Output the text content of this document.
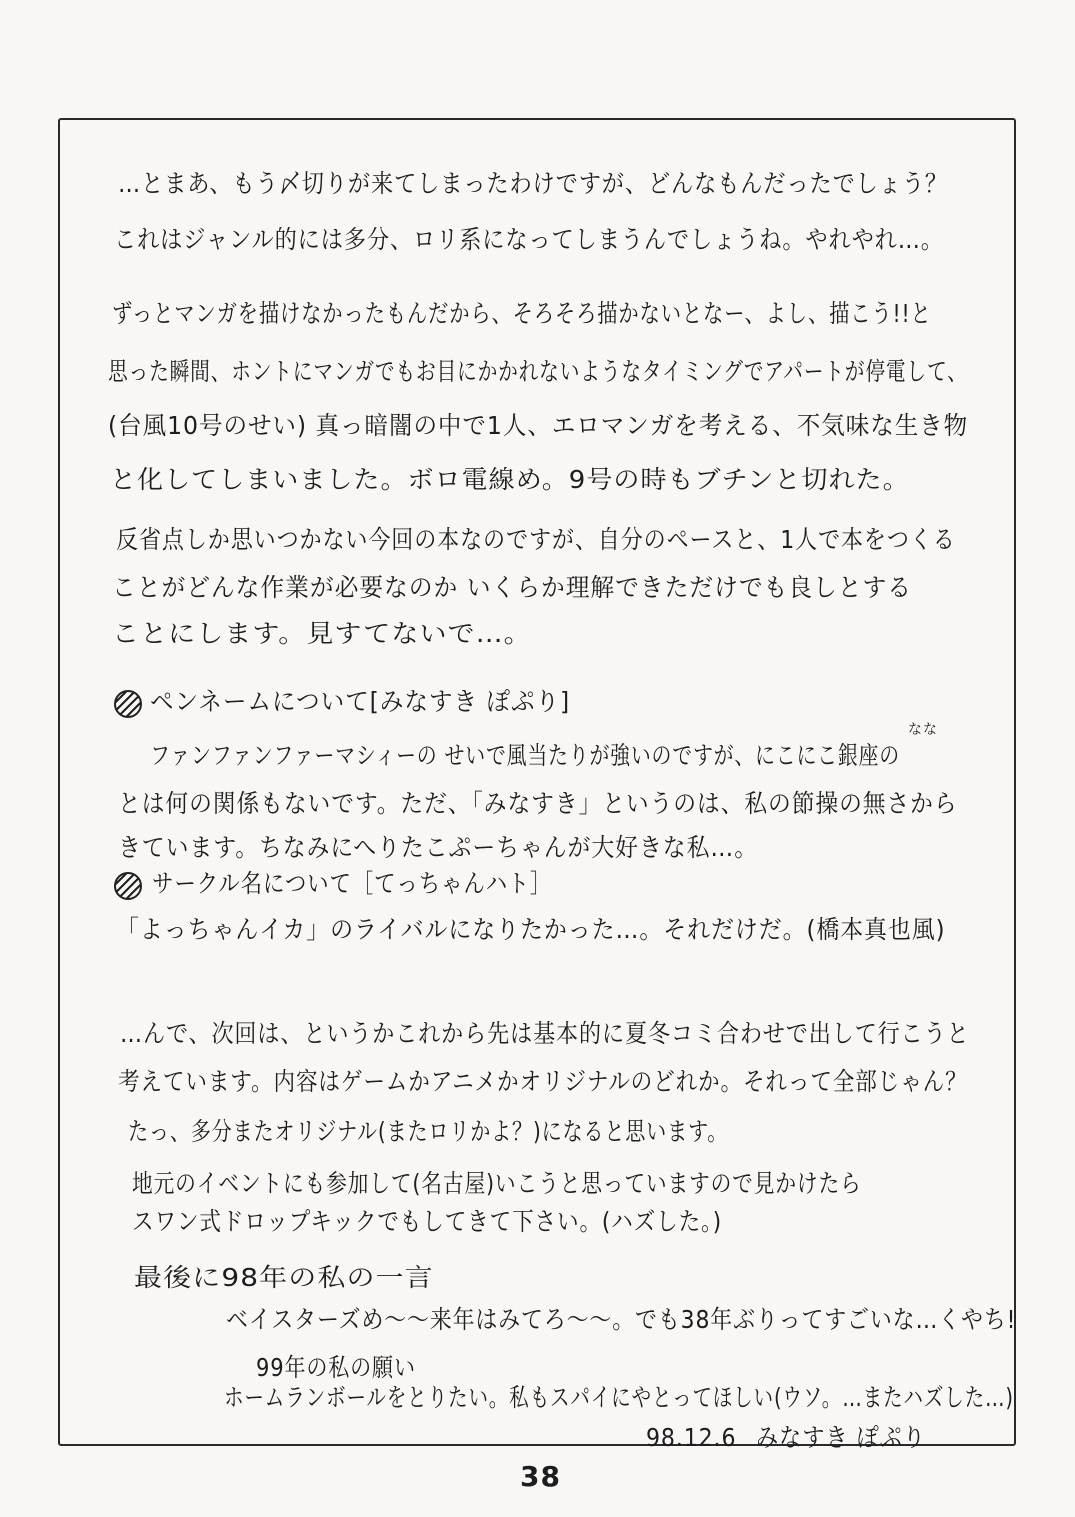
…とまあ、もう〆切りが来てしまったわけですが、どんなもんだったでしょう？
これはジャンル的には多分、ロリ系になってしまうんでしょうね。やれやれ…。
ずっとマンガを描けなかったもんだから、そろそろ描かないとなー、よし、描こう!!と
思った瞬間、ホントにマンガでもお目にかかれないようなタイミングでアパートが停電して、
(台風10号のせい) 真っ暗闇の中で1人、エロマンガを考える、不気味な生き物
と化してしまいました。ボロ電線め。9号の時もブチンと切れた。
反省点しか思いつかない今回の本なのですが、自分のペースと、1人で本をつくる
ことがどんな作業が必要なのか いくらか理解できただけでも良しとする
ことにします。見すてないで…。
ペンネームについて[みなすき ぽぷり]
ファンファンファーマシィーの せいで風当たりが強いのですが、にこにこ銀座の
なな
とは何の関係もないです。ただ、「みなすき」というのは、私の節操の無さから
きています。ちなみにへりたこぷーちゃんが大好きな私…。
サークル名について［てっちゃんハト］
「よっちゃんイカ」のライバルになりたかった…。それだけだ。(橋本真也風)
…んで、次回は、というかこれから先は基本的に夏冬コミ合わせで出して行こうと
考えています。内容はゲームかアニメかオリジナルのどれか。それって全部じゃん？
たっ、多分またオリジナル(またロリかよ？)になると思います。
地元のイベントにも参加して(名古屋)いこうと思っていますので見かけたら
スワン式ドロップキックでもしてきて下さい。(ハズした。)
最後に98年の私の一言
ベイスターズめ〜〜来年はみてろ〜〜。でも38年ぶりってすごいな…くやち!
99年の私の願い
ホームランボールをとりたい。私もスパイにやとってほしい(ウソ。…またハズした…)
98.12.6 みなすき ぽぷり
38
